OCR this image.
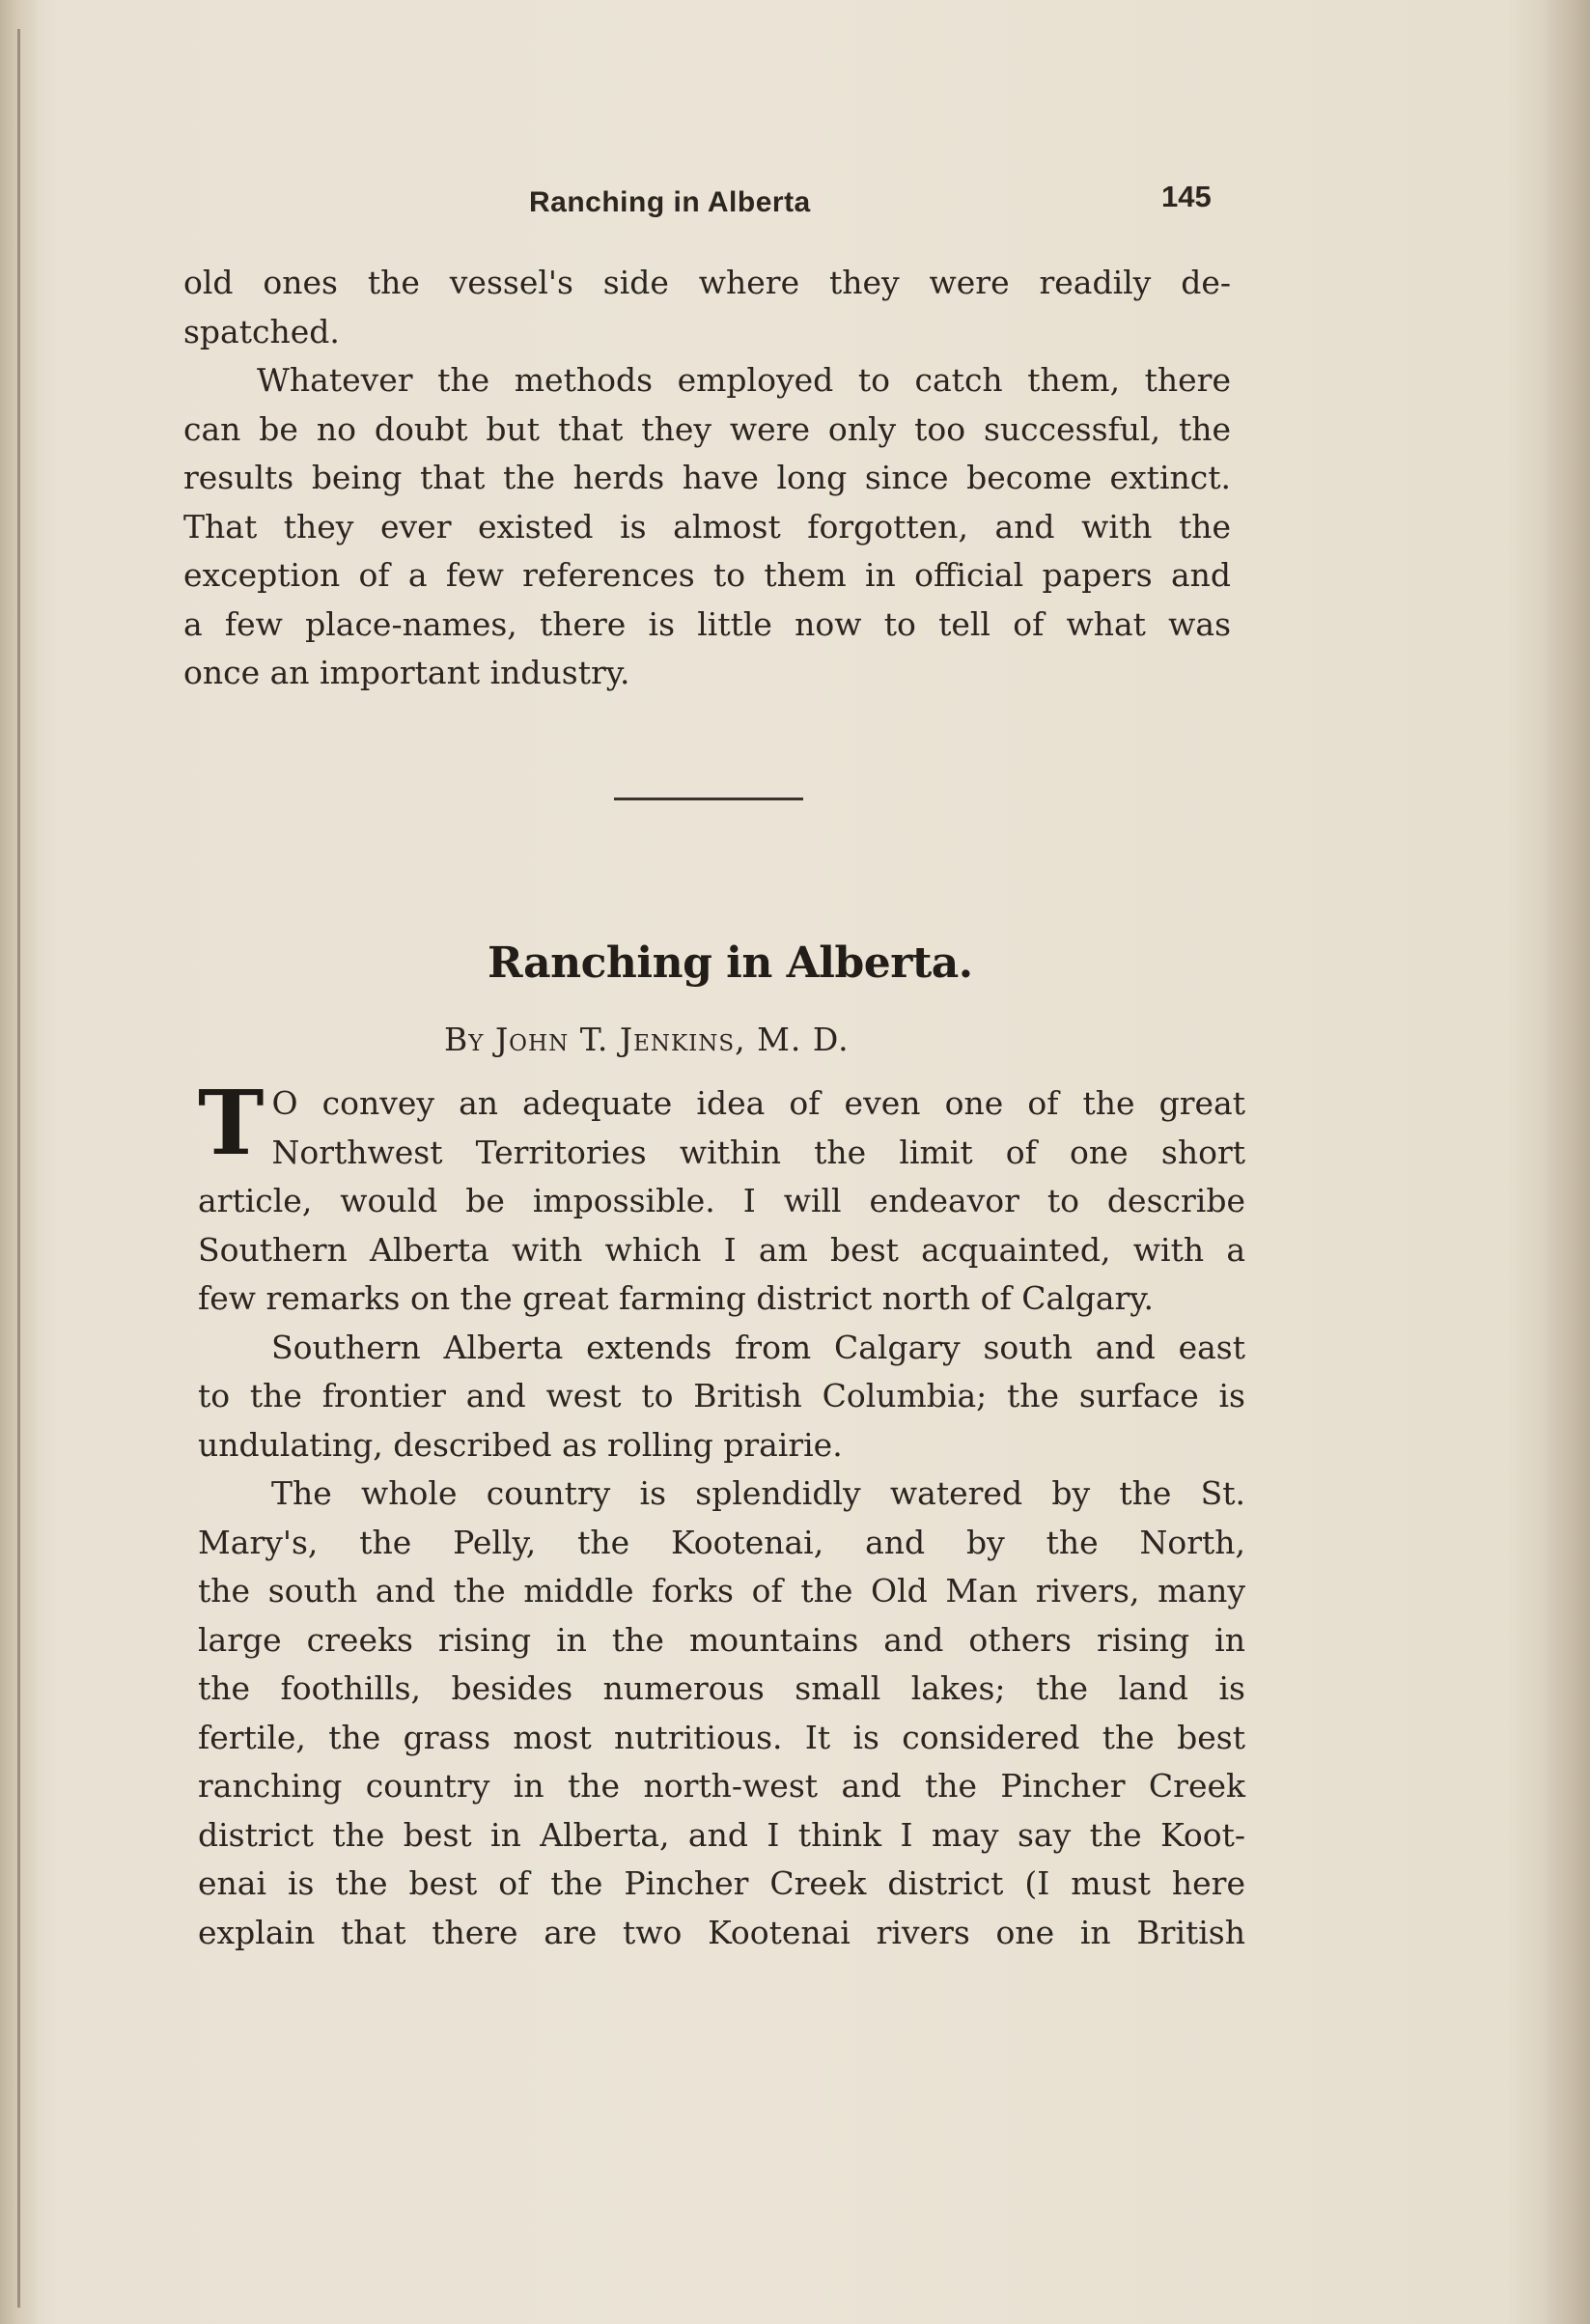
Ranching in Alberta	145

old ones the vessel's side where they were readily de-
spatched.

Whatever the methods employed to catch them, there
can be no doubt but that they were only too successful, the
results being that the herds have long since become extinct.
That they ever existed is almost forgotten, and with the
exception of a few references to them in official papers and
a few place-names, there is little now to tell of what was
once an important industry.

Ranching in Alberta.
By John T. Jenkins, M. D.

T O convey an adequate idea of even one of the great
Northwest Territories within the limit of one short
article, would be impossible. I will endeavor to describe
Southern Alberta with which I am best acquainted, with a
few remarks on the great farming district north of Calgary.

Southern Alberta extends from Calgary south and east
to the frontier and west to British Columbia; the surface is
undulating, described as rolling prairie.

The whole country is splendidly watered by the St.
Mary's, the Pelly, the Kootenai, and by the North,
the south and the middle forks of the Old Man rivers, many
large creeks rising in the mountains and others rising in
the foothills, besides numerous small lakes; the land is
fertile, the grass most nutritious. It is considered the best
ranching country in the north-west and the Pincher Creek
district the best in Alberta, and I think I may say the Koot-
enai is the best of the Pincher Creek district (I must here
explain that there are two Kootenai rivers one in British
